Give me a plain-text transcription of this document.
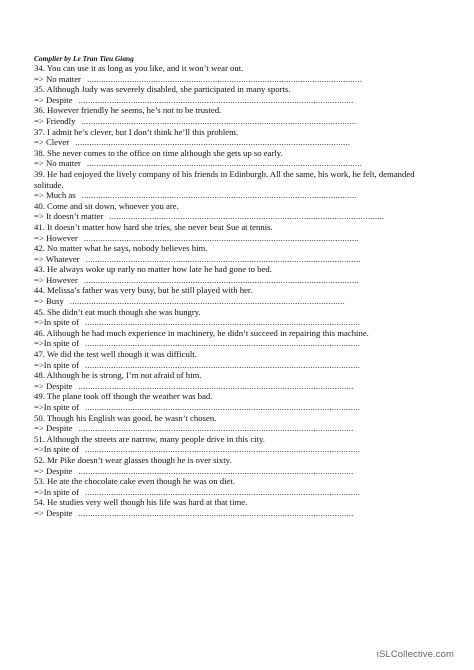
Complier by Le Tran Tieu Giang
34. You can use it as long as you like, and it won’t wear out.
=> No matter ....................................................................................................................
35. Although Judy was severely disabled, she participated in many sports.
=> Despite ....................................................................................................................
36. However friendly he seems, he’s not to be trusted.
=> Friendly ....................................................................................................................
37. I admit he’s clever, but I don’t think he’ll this problem.
=> Clever ....................................................................................................................
38. She never comes to the office on time although she gets up so early.
=> No matter ....................................................................................................................
39. He had enjoyed the lively company of his friends in Edinburgh. All the same, his work, he felt, demanded solitude.
=> Much as ....................................................................................................................
40. Come and sit down, whoever you are.
=> It doesn’t matter ....................................................................................................................
41. It doesn’t matter how hard she tries, she never beat Sue at tennis.
=> However ....................................................................................................................
42. No matter what he says, nobody believes him.
=> Whatever ....................................................................................................................
43. He always woke up early no matter how late he had gone to bed.
=> However ....................................................................................................................
44. Melissa’s father was very busy, but he still played with her.
=> Busy ....................................................................................................................
45. She didn’t eat much though she was hungry.
=>In spite of ....................................................................................................................
46. Although he had much experience in machinery, he didn’t succeed in repairing this machine.
=>In spite of ....................................................................................................................
47. We did the test well though it was difficult.
=>In spite of ....................................................................................................................
48. Although he is strong, I’m not afraid of him.
=> Despite ....................................................................................................................
49. The plane took off though the weather was bad.
=>In spite of ....................................................................................................................
50. Though his English was good, he wasn’t chosen.
=> Despite ....................................................................................................................
51. Although the streets are narrow, many people drive in this city.
=>In spite of ....................................................................................................................
52. Mr Pike doesn’t wear glasses though he is over sixty.
=> Despite ....................................................................................................................
53. He ate the chocolate cake even though he was on diet.
=>In spite of ....................................................................................................................
54. He studies very well though his life was hard at that time.
=> Despite ....................................................................................................................
iSLCollective.com
